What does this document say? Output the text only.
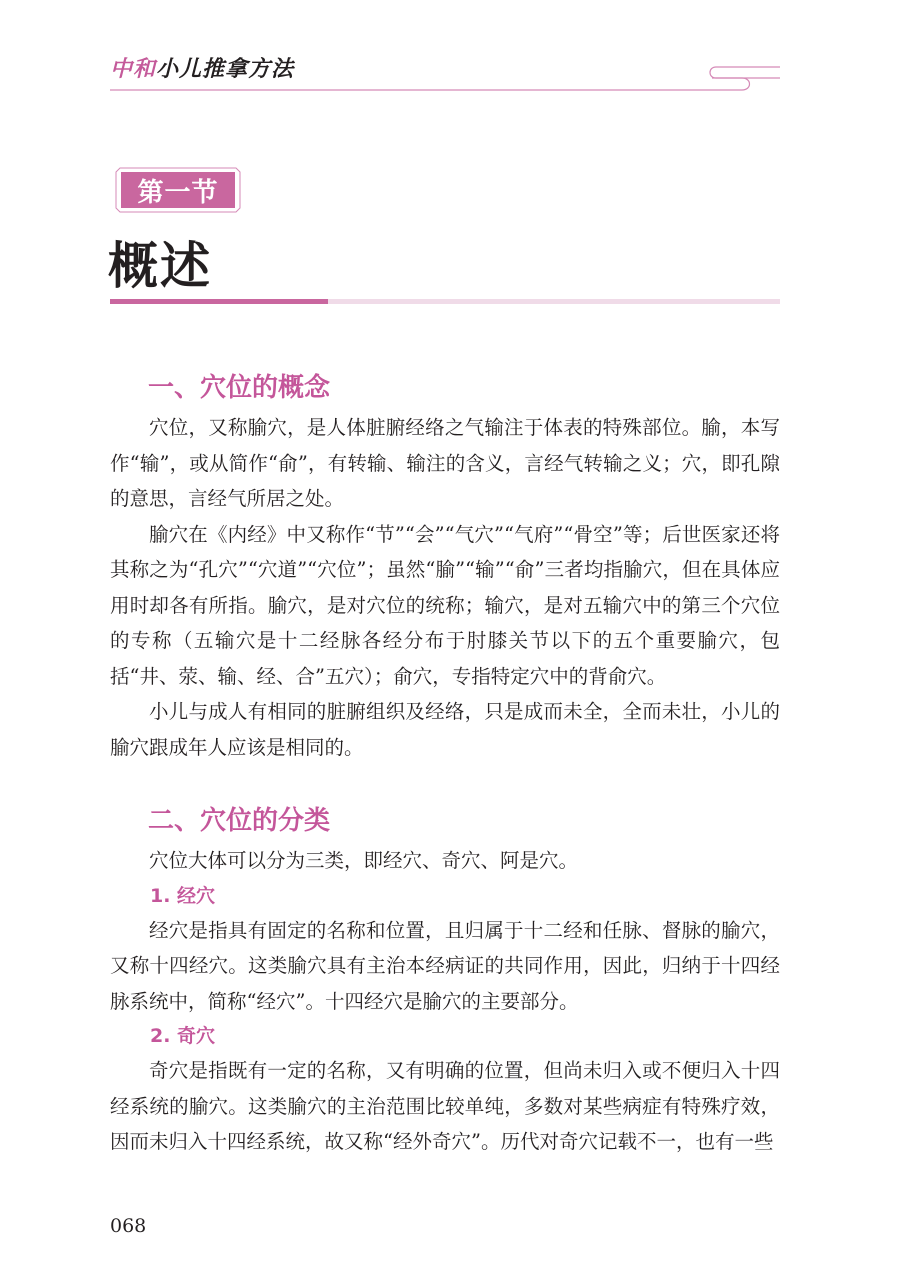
中和小儿推拿方法
第一节
概述
一、穴位的概念

穴位，又称腧穴，是人体脏腑经络之气输注于体表的特殊部位。腧，本写作“输”，或从简作“俞”，有转输、输注的含义，言经气转输之义；穴，即孔隙的意思，言经气所居之处。

腧穴在《内经》中又称作“节”“会”“气穴”“气府”“骨空”等；后世医家还将其称之为“孔穴”“穴道”“穴位”；虽然“腧”“输”“俞”三者均指腧穴，但在具体应用时却各有所指。腧穴，是对穴位的统称；输穴，是对五输穴中的第三个穴位的专称（五输穴是十二经脉各经分布于肘膝关节以下的五个重要腧穴，包括“井、荥、输、经、合”五穴）；俞穴，专指特定穴中的背俞穴。

小儿与成人有相同的脏腑组织及经络，只是成而未全，全而未壮，小儿的腧穴跟成年人应该是相同的。

二、穴位的分类

穴位大体可以分为三类，即经穴、奇穴、阿是穴。

1. 经穴

经穴是指具有固定的名称和位置，且归属于十二经和任脉、督脉的腧穴，又称十四经穴。这类腧穴具有主治本经病证的共同作用，因此，归纳于十四经脉系统中，简称“经穴”。十四经穴是腧穴的主要部分。

2. 奇穴

奇穴是指既有一定的名称，又有明确的位置，但尚未归入或不便归入十四经系统的腧穴。这类腧穴的主治范围比较单纯，多数对某些病症有特殊疗效，因而未归入十四经系统，故又称“经外奇穴”。历代对奇穴记载不一，也有一些

068
